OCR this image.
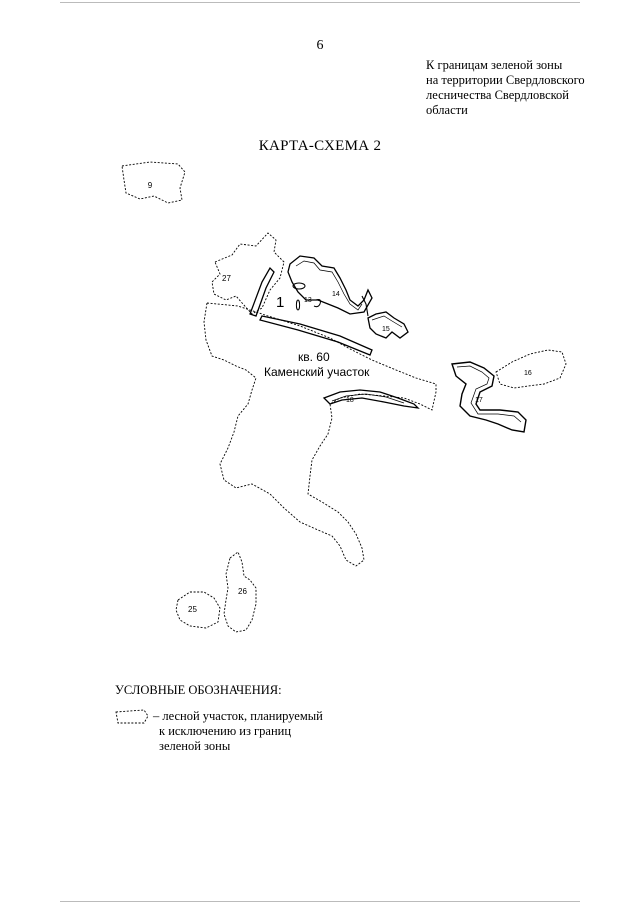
6
К границам зеленой зоны
на территории Свердловского
лесничества Свердловской
области
КАРТА-СХЕМА 2
9
27
1	13
14
15
16
17
18
25
26
кв. 60
Каменский участок
УСЛОВНЫЕ ОБОЗНАЧЕНИЯ:
– лесной участок, планируемый
к исключению из границ
зеленой зоны
